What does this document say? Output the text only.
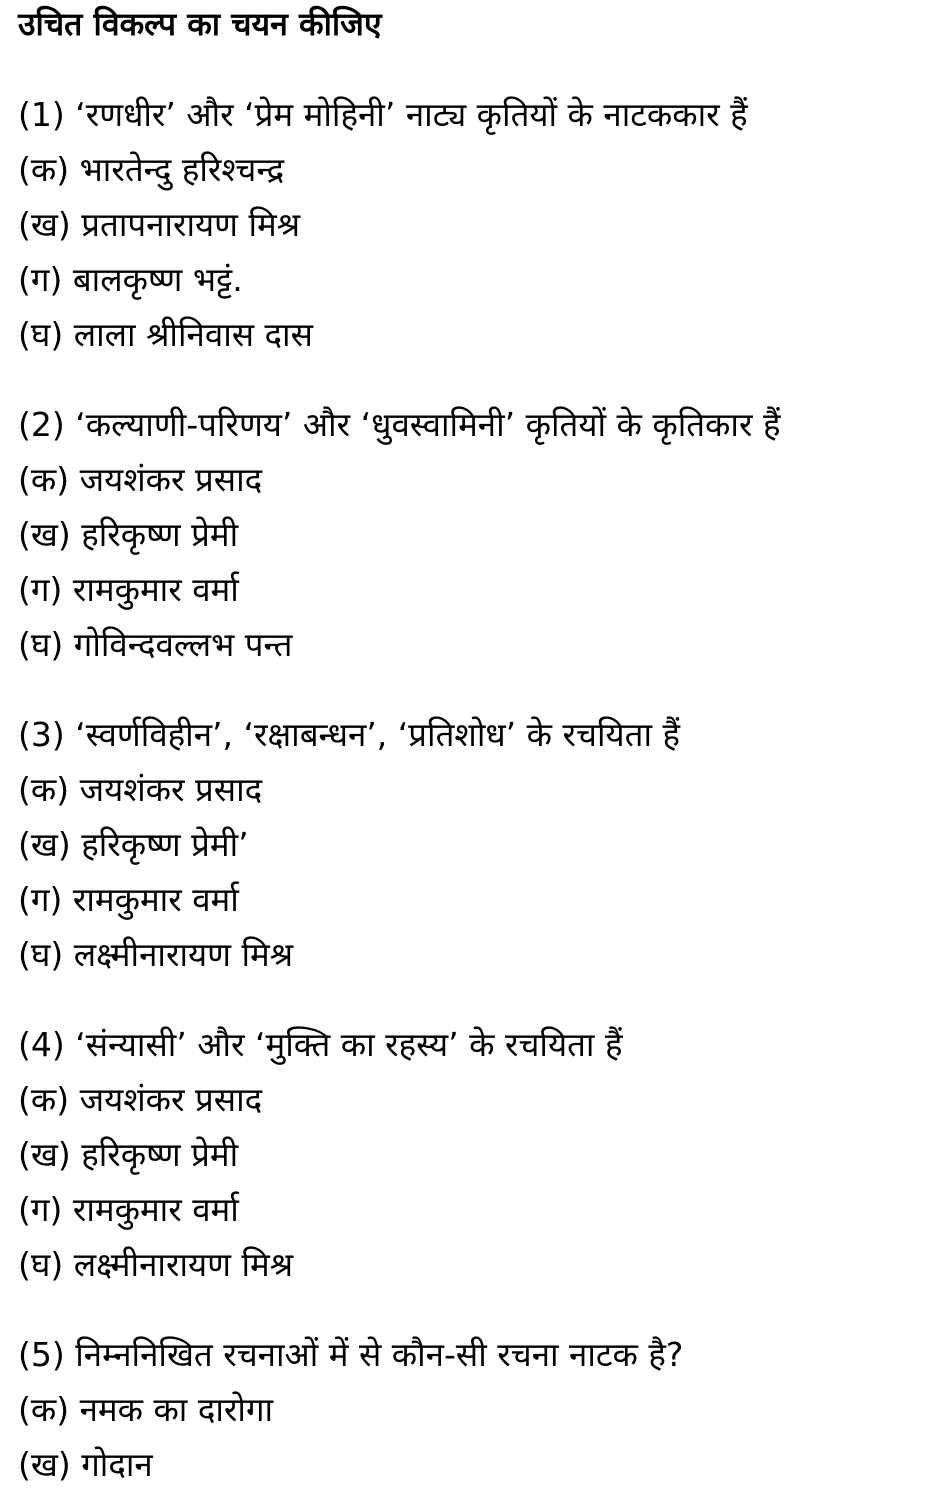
उचित विकल्प का चयन कीजिए
(1) ‘रणधीर’ और ‘प्रेम मोहिनी’ नाट्य कृतियों के नाटककार हैं
(क) भारतेन्दु हरिश्चन्द्र
(ख) प्रतापनारायण मिश्र
(ग) बालकृष्ण भट्टं.
(घ) लाला श्रीनिवास दास
(2) ‘कल्याणी-परिणय’ और ‘धुवस्वामिनी’ कृतियों के कृतिकार हैं
(क) जयशंकर प्रसाद
(ख) हरिकृष्ण प्रेमी
(ग) रामकुमार वर्मा
(घ) गोविन्दवल्लभ पन्त
(3) ‘स्वर्णविहीन’, ‘रक्षाबन्धन’, ‘प्रतिशोध’ के रचयिता हैं
(क) जयशंकर प्रसाद
(ख) हरिकृष्ण प्रेमी’
(ग) रामकुमार वर्मा
(घ) लक्ष्मीनारायण मिश्र
(4) ‘संन्यासी’ और ‘मुक्ति का रहस्य’ के रचयिता हैं
(क) जयशंकर प्रसाद
(ख) हरिकृष्ण प्रेमी
(ग) रामकुमार वर्मा
(घ) लक्ष्मीनारायण मिश्र
(5) निम्ननिखित रचनाओं में से कौन-सी रचना नाटक है?
(क) नमक का दारोगा
(ख) गोदान
